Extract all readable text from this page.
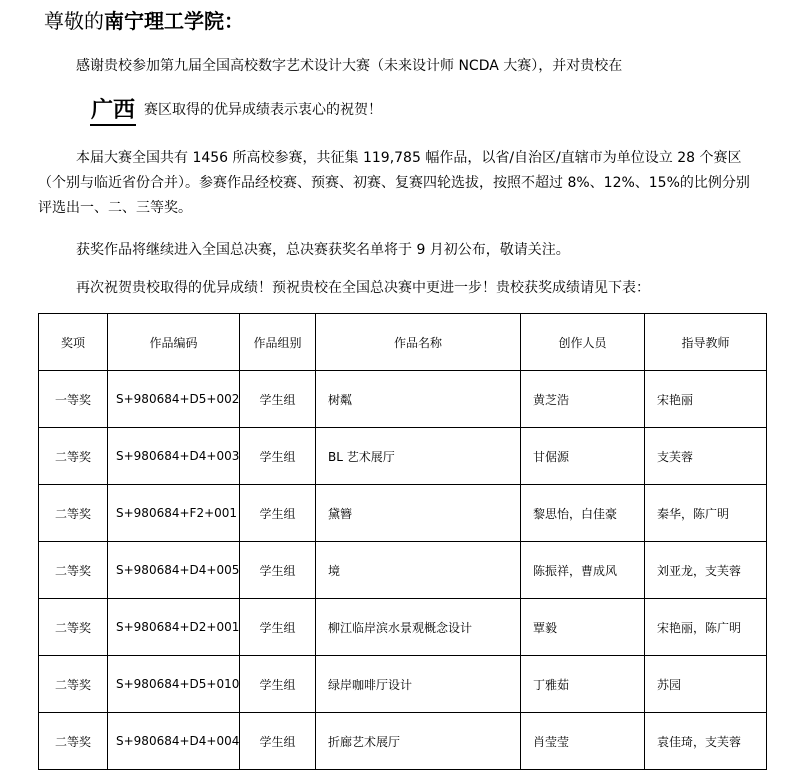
尊敬的南宁理工学院：
感谢贵校参加第九届全国高校数字艺术设计大赛（未来设计师 NCDA 大赛），并对贵校在
广西 赛区取得的优异成绩表示衷心的祝贺！
本届大赛全国共有 1456 所高校参赛，共征集 119,785 幅作品，以省/自治区/直辖市为单位设立 28 个赛区（个别与临近省份合并）。参赛作品经校赛、预赛、初赛、复赛四轮选拔，按照不超过 8%、12%、15%的比例分别评选出一、二、三等奖。
获奖作品将继续进入全国总决赛，总决赛获奖名单将于 9 月初公布，敬请关注。
再次祝贺贵校取得的优异成绩！预祝贵校在全国总决赛中更进一步！贵校获奖成绩请见下表：
奖项	作品编码	作品组别	作品名称	创作人员	指导教师
一等奖	S+980684+D5+002	学生组	树粼	黄芝浩	宋艳丽
二等奖	S+980684+D4+003	学生组	BL 艺术展厅	甘倨源	支芙蓉
二等奖	S+980684+F2+001	学生组	黛簪	黎思怡，白佳豪	秦华，陈广明
二等奖	S+980684+D4+005	学生组	境	陈振祥，曹成风	刘亚龙，支芙蓉
二等奖	S+980684+D2+001	学生组	柳江临岸滨水景观概念设计	覃毅	宋艳丽，陈广明
二等奖	S+980684+D5+010	学生组	绿岸咖啡厅设计	丁雅茹	苏园
二等奖	S+980684+D4+004	学生组	折廊艺术展厅	肖莹莹	袁佳琦，支芙蓉
